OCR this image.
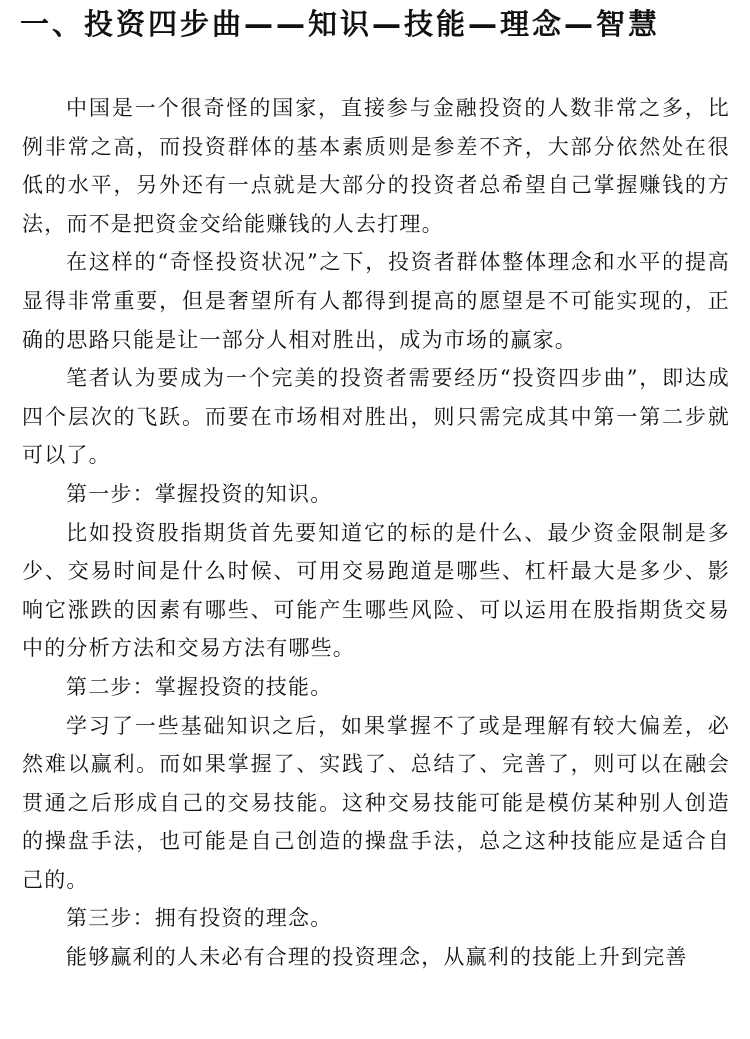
一、投资四步曲——知识—技能—理念—智慧

中国是一个很奇怪的国家，直接参与金融投资的人数非常之多，比例非常之高，而投资群体的基本素质则是参差不齐，大部分依然处在很低的水平，另外还有一点就是大部分的投资者总希望自己掌握赚钱的方法，而不是把资金交给能赚钱的人去打理。

在这样的“奇怪投资状况”之下，投资者群体整体理念和水平的提高显得非常重要，但是奢望所有人都得到提高的愿望是不可能实现的，正确的思路只能是让一部分人相对胜出，成为市场的赢家。

笔者认为要成为一个完美的投资者需要经历“投资四步曲”，即达成四个层次的飞跃。而要在市场相对胜出，则只需完成其中第一第二步就可以了。

第一步：掌握投资的知识。

比如投资股指期货首先要知道它的标的是什么、最少资金限制是多少、交易时间是什么时候、可用交易跑道是哪些、杠杆最大是多少、影响它涨跌的因素有哪些、可能产生哪些风险、可以运用在股指期货交易中的分析方法和交易方法有哪些。

第二步：掌握投资的技能。

学习了一些基础知识之后，如果掌握不了或是理解有较大偏差，必然难以赢利。而如果掌握了、实践了、总结了、完善了，则可以在融会贯通之后形成自己的交易技能。这种交易技能可能是模仿某种别人创造的操盘手法，也可能是自己创造的操盘手法，总之这种技能应是适合自己的。

第三步：拥有投资的理念。

能够赢利的人未必有合理的投资理念，从赢利的技能上升到完善
